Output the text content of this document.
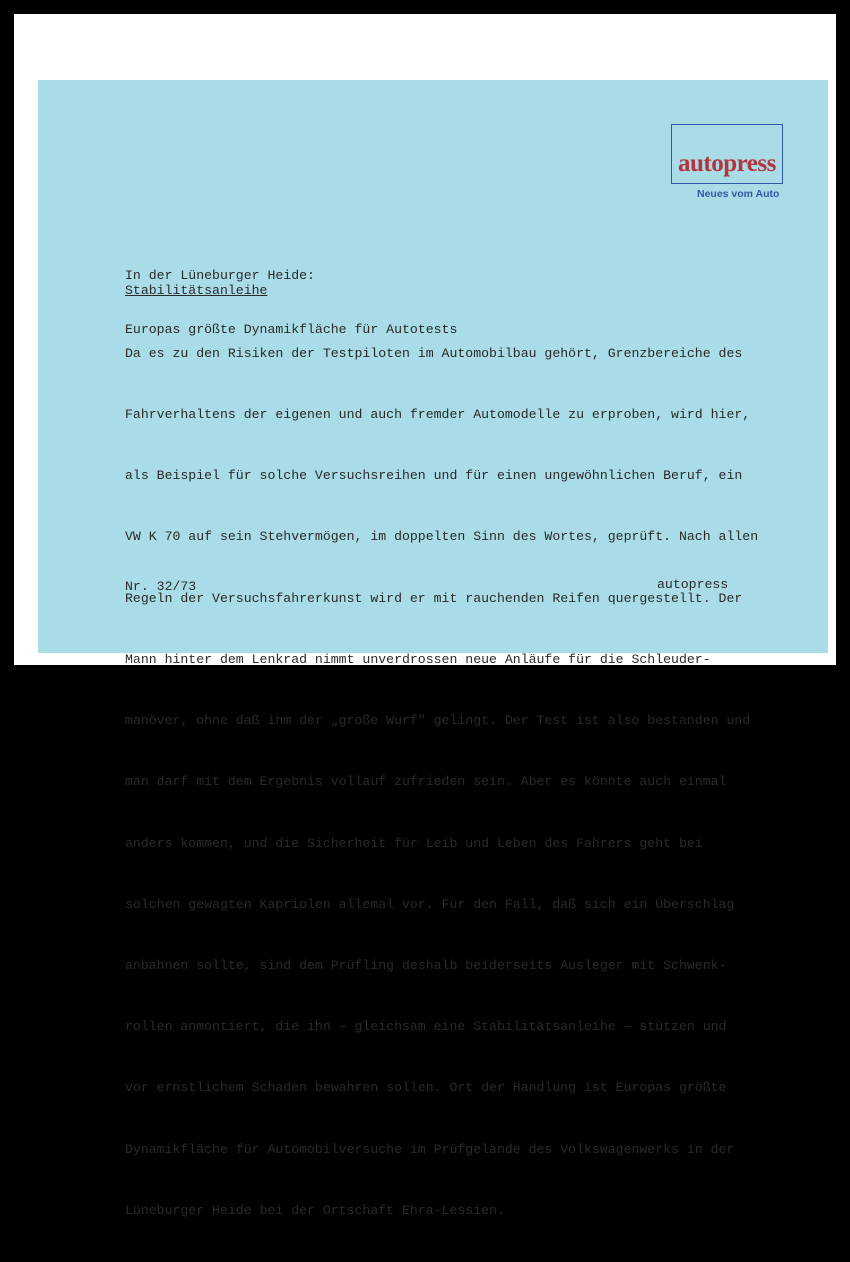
autopress
Neues vom Auto

In der Lüneburger Heide:

Europas größte Dynamikfläche für Autotests

Stabilitätsanleihe

Da es zu den Risiken der Testpiloten im Automobilbau gehört, Grenzbereiche des

Fahrverhaltens der eigenen und auch fremder Automodelle zu erproben, wird hier,

als Beispiel für solche Versuchsreihen und für einen ungewöhnlichen Beruf, ein

VW K 70 auf sein Stehvermögen, im doppelten Sinn des Wortes, geprüft. Nach allen

Regeln der Versuchsfahrerkunst wird er mit rauchenden Reifen quergestellt. Der

Mann hinter dem Lenkrad nimmt unverdrossen neue Anläufe für die Schleuder-

manöver, ohne daß ihm der „große Wurf" gelingt. Der Test ist also bestanden und

man darf mit dem Ergebnis vollauf zufrieden sein. Aber es könnte auch einmal

anders kommen, und die Sicherheit für Leib und Leben des Fahrers geht bei

solchen gewagten Kapriolen allemal vor. Für den Fall, daß sich ein Überschlag

anbahnen sollte, sind dem Prüfling deshalb beiderseits Ausleger mit Schwenk-

rollen anmontiert, die ihn – gleichsam eine Stabilitätsanleihe – stützen und

vor ernstlichem Schaden bewahren sollen. Ort der Handlung ist Europas größte

Dynamikfläche für Automobilversuche im Prüfgelände des Volkswagenwerks in der

Lüneburger Heide bei der Ortschaft Ehra-Lessien.

Nr. 32/73	autopress
